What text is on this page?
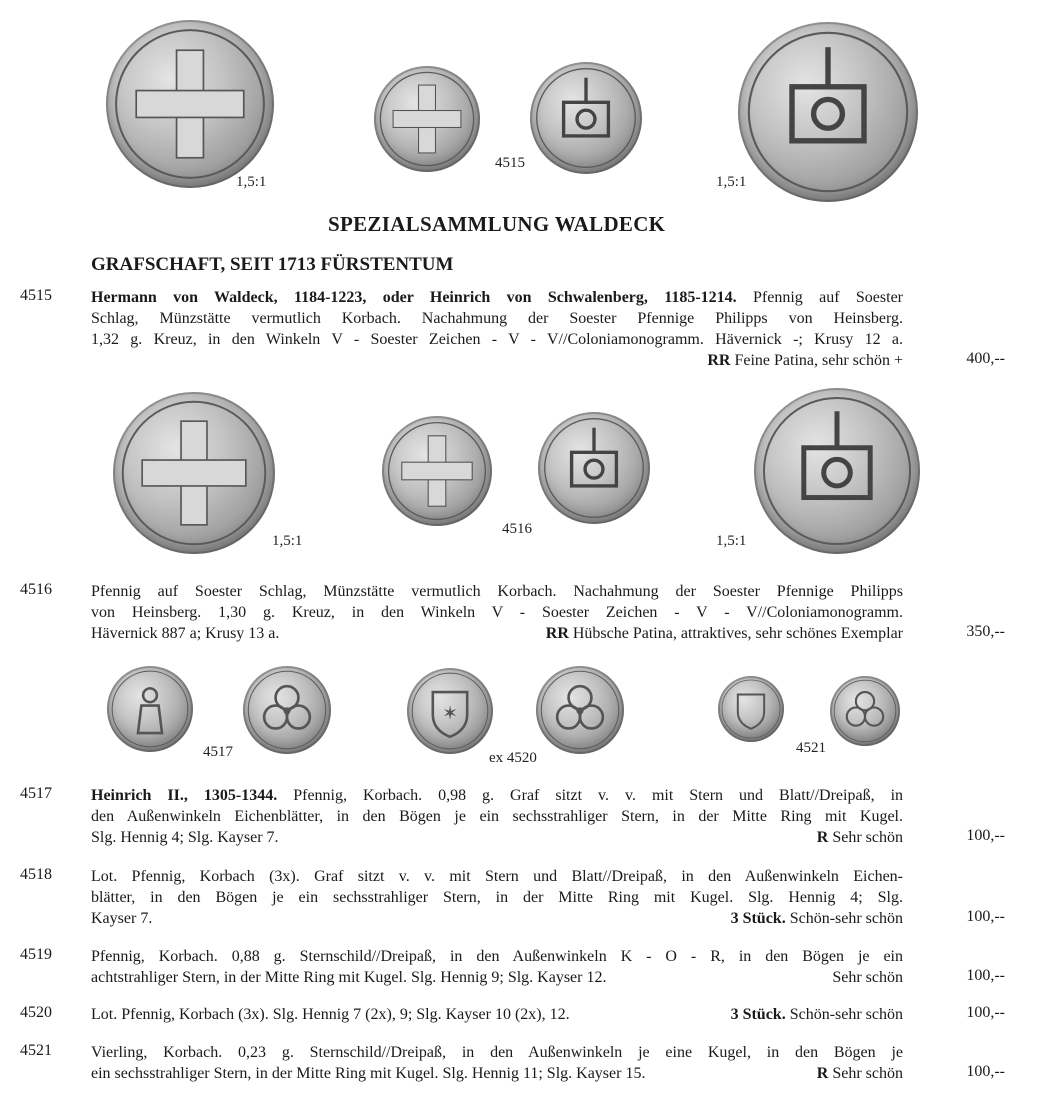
1,5:1
4515
1,5:1
SPEZIALSAMMLUNG WALDECK
GRAFSCHAFT, SEIT 1713 FÜRSTENTUM
4515 Hermann von Waldeck, 1184-1223, oder Heinrich von Schwalenberg, 1185-1214. Pfennig auf Soester
Schlag, Münzstätte vermutlich Korbach. Nachahmung der Soester Pfennige Philipps von Heinsberg.
1,32 g. Kreuz, in den Winkeln V - Soester Zeichen - V - V//Coloniamonogramm. Hävernick -; Krusy 12 a.
RR Feine Patina, sehr schön +	400,--
1,5:1
4516
1,5:1
4516 Pfennig auf Soester Schlag, Münzstätte vermutlich Korbach. Nachahmung der Soester Pfennige Philipps
von Heinsberg. 1,30 g. Kreuz, in den Winkeln V - Soester Zeichen - V - V//Coloniamonogramm.
Hävernick 887 a; Krusy 13 a.	RR Hübsche Patina, attraktives, sehr schönes Exemplar	350,--
✶
4517	ex 4520
4521
4517 Heinrich II., 1305-1344. Pfennig, Korbach. 0,98 g. Graf sitzt v. v. mit Stern und Blatt//Dreipaß, in
den Außenwinkeln Eichenblätter, in den Bögen je ein sechsstrahliger Stern, in der Mitte Ring mit Kugel.
Slg. Hennig 4; Slg. Kayser 7.	R Sehr schön	100,--
4518 Lot. Pfennig, Korbach (3x). Graf sitzt v. v. mit Stern und Blatt//Dreipaß, in den Außenwinkeln Eichen-
blätter, in den Bögen je ein sechsstrahliger Stern, in der Mitte Ring mit Kugel. Slg. Hennig 4; Slg.
Kayser 7.	3 Stück. Schön-sehr schön	100,--
4519 Pfennig, Korbach. 0,88 g. Sternschild//Dreipaß, in den Außenwinkeln K - O - R, in den Bögen je ein
achtstrahliger Stern, in der Mitte Ring mit Kugel. Slg. Hennig 9; Slg. Kayser 12.	Sehr schön	100,--
4520 Lot. Pfennig, Korbach (3x). Slg. Hennig 7 (2x), 9; Slg. Kayser 10 (2x), 12.	3 Stück. Schön-sehr schön	100,--
4521 Vierling, Korbach. 0,23 g. Sternschild//Dreipaß, in den Außenwinkeln je eine Kugel, in den Bögen je
ein sechsstrahliger Stern, in der Mitte Ring mit Kugel. Slg. Hennig 11; Slg. Kayser 15.	R Sehr schön	100,--
